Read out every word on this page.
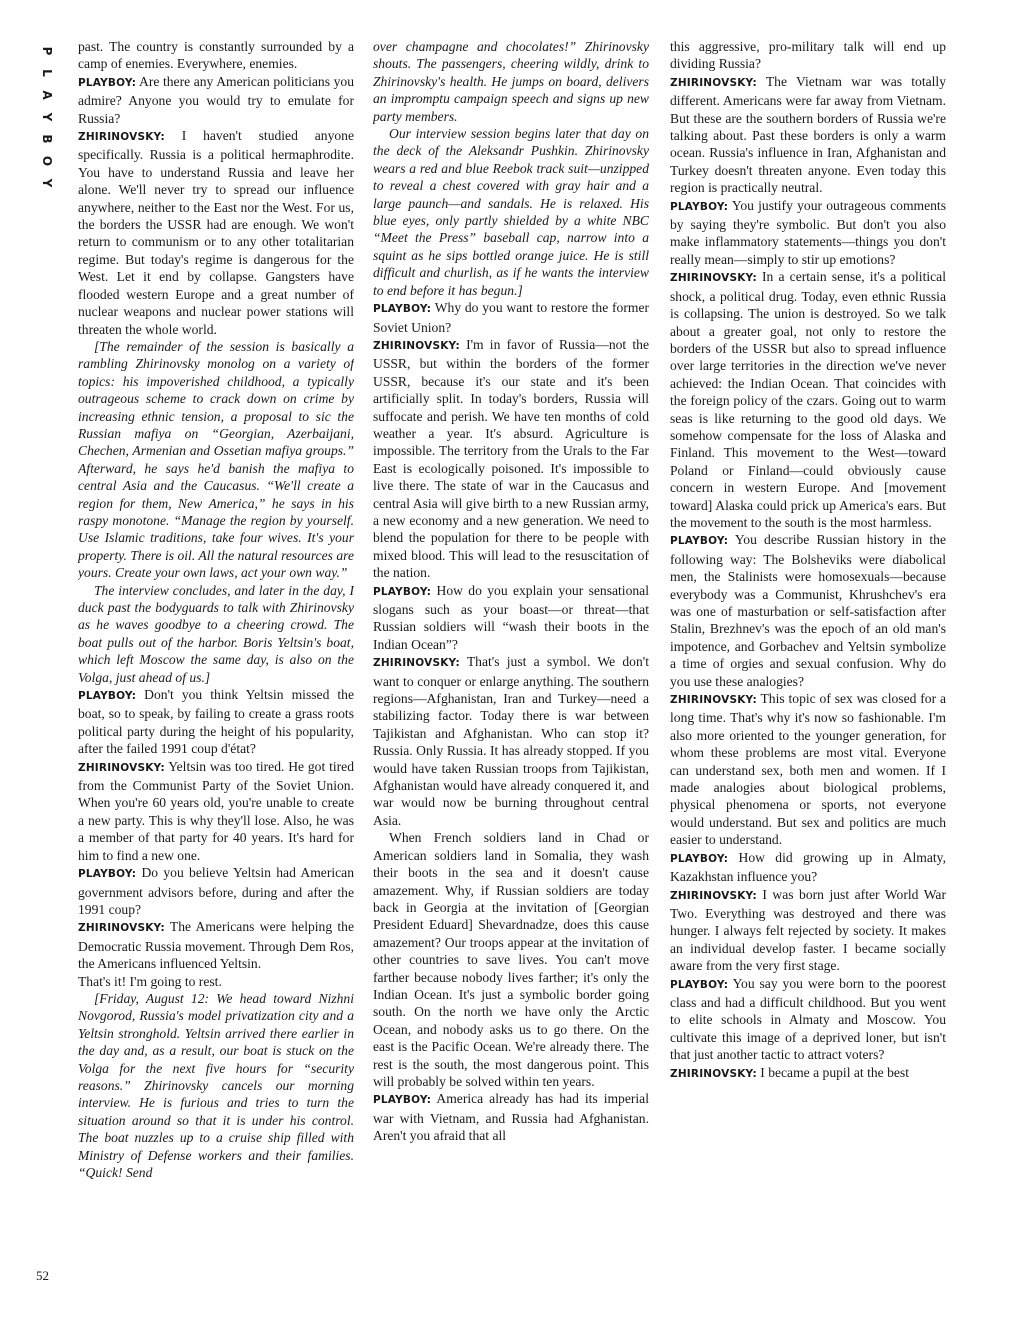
P
L
A
Y
B
O
Y
52

past. The country is constantly surrounded by a camp of enemies. Everywhere, enemies.

PLAYBOY: Are there any American politicians you admire? Anyone you would try to emulate for Russia?

ZHIRINOVSKY: I haven't studied anyone specifically. Russia is a political hermaphrodite. You have to understand Russia and leave her alone. We'll never try to spread our influence anywhere, neither to the East nor the West. For us, the borders the USSR had are enough. We won't return to communism or to any other totalitarian regime. But today's regime is dangerous for the West. Let it end by collapse. Gangsters have flooded western Europe and a great number of nuclear weapons and nuclear power stations will threaten the whole world.

[The remainder of the session is basically a rambling Zhirinovsky monolog on a variety of topics: his impoverished childhood, a typically outrageous scheme to crack down on crime by increasing ethnic tension, a proposal to sic the Russian mafiya on “Georgian, Azerbaijani, Chechen, Armenian and Ossetian mafiya groups.” Afterward, he says he'd banish the mafiya to central Asia and the Caucasus. “We'll create a region for them, New America,” he says in his raspy monotone. “Manage the region by yourself. Use Islamic traditions, take four wives. It's your property. There is oil. All the natural resources are yours. Create your own laws, act your own way.”

The interview concludes, and later in the day, I duck past the bodyguards to talk with Zhirinovsky as he waves goodbye to a cheering crowd. The boat pulls out of the harbor. Boris Yeltsin's boat, which left Moscow the same day, is also on the Volga, just ahead of us.]

PLAYBOY: Don't you think Yeltsin missed the boat, so to speak, by failing to create a grass roots political party during the height of his popularity, after the failed 1991 coup d'état?

ZHIRINOVSKY: Yeltsin was too tired. He got tired from the Communist Party of the Soviet Union. When you're 60 years old, you're unable to create a new party. This is why they'll lose. Also, he was a member of that party for 40 years. It's hard for him to find a new one.

PLAYBOY: Do you believe Yeltsin had American government advisors before, during and after the 1991 coup?

ZHIRINOVSKY: The Americans were helping the Democratic Russia movement. Through Dem Ros, the Americans influenced Yeltsin.

That's it! I'm going to rest.

[Friday, August 12: We head toward Nizhni Novgorod, Russia's model privatization city and a Yeltsin stronghold. Yeltsin arrived there earlier in the day and, as a result, our boat is stuck on the Volga for the next five hours for “security reasons.” Zhirinovsky cancels our morning interview. He is furious and tries to turn the situation around so that it is under his control. The boat nuzzles up to a cruise ship filled with Ministry of Defense workers and their families. “Quick! Send

over champagne and chocolates!” Zhirinovsky shouts. The passengers, cheering wildly, drink to Zhirinovsky's health. He jumps on board, delivers an impromptu campaign speech and signs up new party members.

Our interview session begins later that day on the deck of the Aleksandr Pushkin. Zhirinovsky wears a red and blue Reebok track suit—unzipped to reveal a chest covered with gray hair and a large paunch—and sandals. He is relaxed. His blue eyes, only partly shielded by a white NBC “Meet the Press” baseball cap, narrow into a squint as he sips bottled orange juice. He is still difficult and churlish, as if he wants the interview to end before it has begun.]

PLAYBOY: Why do you want to restore the former Soviet Union?

ZHIRINOVSKY: I'm in favor of Russia—not the USSR, but within the borders of the former USSR, because it's our state and it's been artificially split. In today's borders, Russia will suffocate and perish. We have ten months of cold weather a year. It's absurd. Agriculture is impossible. The territory from the Urals to the Far East is ecologically poisoned. It's impossible to live there. The state of war in the Caucasus and central Asia will give birth to a new Russian army, a new economy and a new generation. We need to blend the population for there to be people with mixed blood. This will lead to the resuscitation of the nation.

PLAYBOY: How do you explain your sensational slogans such as your boast—or threat—that Russian soldiers will “wash their boots in the Indian Ocean”?

ZHIRINOVSKY: That's just a symbol. We don't want to conquer or enlarge anything. The southern regions—Afghanistan, Iran and Turkey—need a stabilizing factor. Today there is war between Tajikistan and Afghanistan. Who can stop it? Russia. Only Russia. It has already stopped. If you would have taken Russian troops from Tajikistan, Afghanistan would have already conquered it, and war would now be burning throughout central Asia.

When French soldiers land in Chad or American soldiers land in Somalia, they wash their boots in the sea and it doesn't cause amazement. Why, if Russian soldiers are today back in Georgia at the invitation of [Georgian President Eduard] Shevardnadze, does this cause amazement? Our troops appear at the invitation of other countries to save lives. You can't move farther because nobody lives farther; it's only the Indian Ocean. It's just a symbolic border going south. On the north we have only the Arctic Ocean, and nobody asks us to go there. On the east is the Pacific Ocean. We're already there. The rest is the south, the most dangerous point. This will probably be solved within ten years.

PLAYBOY: America already has had its imperial war with Vietnam, and Russia had Afghanistan. Aren't you afraid that all

this aggressive, pro-military talk will end up dividing Russia?

ZHIRINOVSKY: The Vietnam war was totally different. Americans were far away from Vietnam. But these are the southern borders of Russia we're talking about. Past these borders is only a warm ocean. Russia's influence in Iran, Afghanistan and Turkey doesn't threaten anyone. Even today this region is practically neutral.

PLAYBOY: You justify your outrageous comments by saying they're symbolic. But don't you also make inflammatory statements—things you don't really mean—simply to stir up emotions?

ZHIRINOVSKY: In a certain sense, it's a political shock, a political drug. Today, even ethnic Russia is collapsing. The union is destroyed. So we talk about a greater goal, not only to restore the borders of the USSR but also to spread influence over large territories in the direction we've never achieved: the Indian Ocean. That coincides with the foreign policy of the czars. Going out to warm seas is like returning to the good old days. We somehow compensate for the loss of Alaska and Finland. This movement to the West—toward Poland or Finland—could obviously cause concern in western Europe. And [movement toward] Alaska could prick up America's ears. But the movement to the south is the most harmless.

PLAYBOY: You describe Russian history in the following way: The Bolsheviks were diabolical men, the Stalinists were homosexuals—because everybody was a Communist, Khrushchev's era was one of masturbation or self-satisfaction after Stalin, Brezhnev's was the epoch of an old man's impotence, and Gorbachev and Yeltsin symbolize a time of orgies and sexual confusion. Why do you use these analogies?

ZHIRINOVSKY: This topic of sex was closed for a long time. That's why it's now so fashionable. I'm also more oriented to the younger generation, for whom these problems are most vital. Everyone can understand sex, both men and women. If I made analogies about biological problems, physical phenomena or sports, not everyone would understand. But sex and politics are much easier to understand.

PLAYBOY: How did growing up in Almaty, Kazakhstan influence you?

ZHIRINOVSKY: I was born just after World War Two. Everything was destroyed and there was hunger. I always felt rejected by society. It makes an individual develop faster. I became socially aware from the very first stage.

PLAYBOY: You say you were born to the poorest class and had a difficult childhood. But you went to elite schools in Almaty and Moscow. You cultivate this image of a deprived loner, but isn't that just another tactic to attract voters?

ZHIRINOVSKY: I became a pupil at the best
